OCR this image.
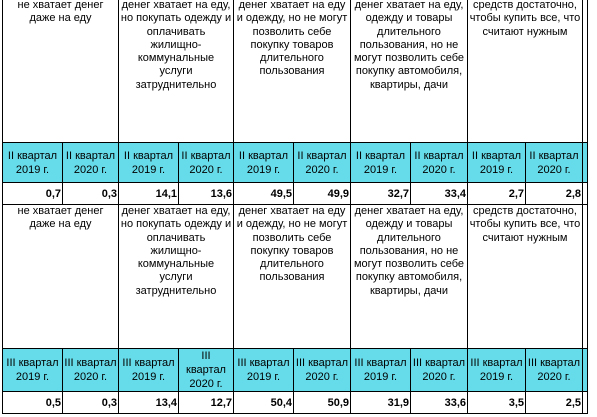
не хватает денег даже на еду		денег хватает на еду, но покупать одежду и оплачивать жилищно-коммунальные услуги затруднительно		денег хватает на еду и одежду, но не могут позволить себе покупку товаров длительного пользования		денег хватает на еду, одежду и товары длительного пользования, но не могут позволить себе покупку автомобиля, квартиры, дачи		средств достаточно, чтобы купить все, что считают нужным		
II квартал 2019 г.	II квартал 2020 г.	II квартал 2019 г.	II квартал 2020 г.	II квартал 2019 г.	II квартал 2020 г.	II квартал 2019 г.	II квартал 2020 г.	II квартал 2019 г.	II квартал 2020 г.	
0,7	0,3	14,1	13,6	49,5	49,9	32,7	33,4	2,7	2,8	
не хватает денег даже на еду		денег хватает на еду, но покупать одежду и оплачивать жилищно-коммунальные услуги затруднительно		денег хватает на еду и одежду, но не могут позволить себе покупку товаров длительного пользования		денег хватает на еду, одежду и товары длительного пользования, но не могут позволить себе покупку автомобиля, квартиры, дачи		средств достаточно, чтобы купить все, что считают нужным		
III квартал 2019 г.	III квартал 2020 г.	III квартал 2019 г.	III квартал 2020 г.	III квартал 2019 г.	III квартал 2020 г.	III квартал 2019 г.	III квартал 2020 г.	III квартал 2019 г.	III квартал 2020 г.	
0,5	0,3	13,4	12,7	50,4	50,9	31,9	33,6	3,5	2,5	
